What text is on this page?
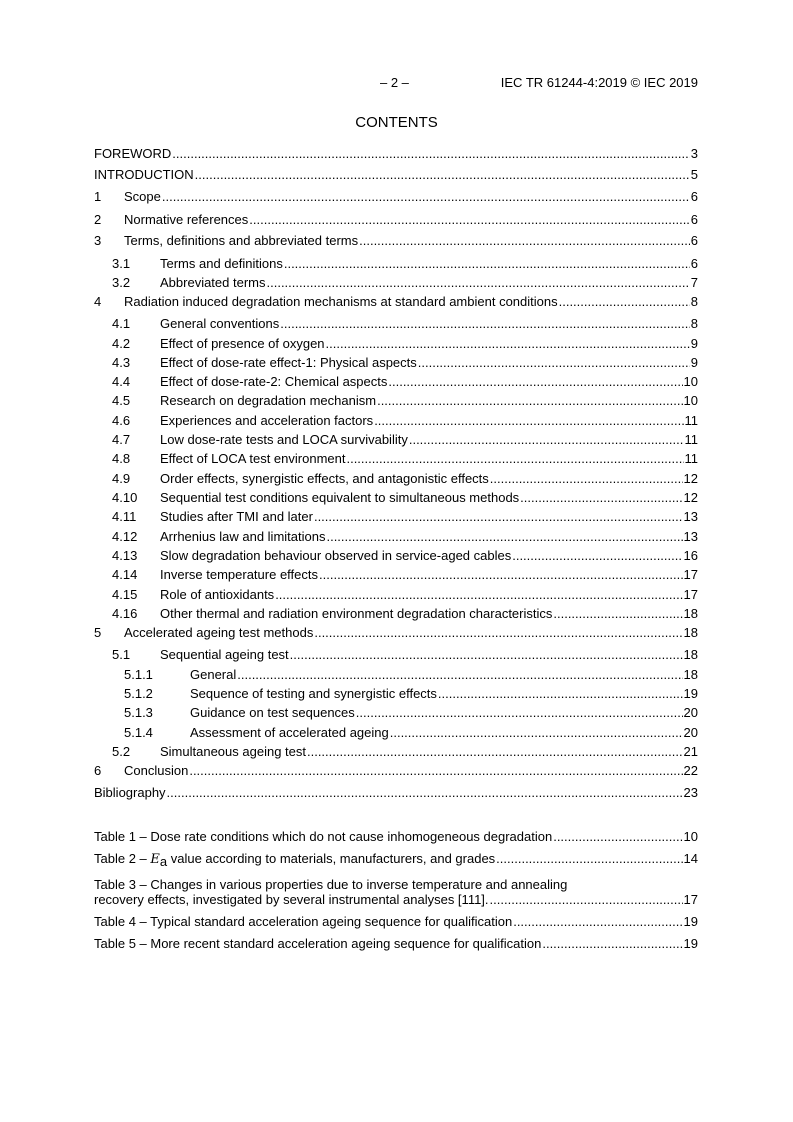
– 2 –	IEC TR 61244-4:2019 © IEC 2019
CONTENTS
FOREWORD .....	3
INTRODUCTION .....	5
1	Scope .....	6
2	Normative references .....	6
3	Terms, definitions and abbreviated terms .....	6
3.1	Terms and definitions .....	6
3.2	Abbreviated terms .....	7
4	Radiation induced degradation mechanisms at standard ambient conditions .....	8
4.1	General conventions .....	8
4.2	Effect of presence of oxygen .....	9
4.3	Effect of dose-rate effect-1: Physical aspects .....	9
4.4	Effect of dose-rate-2: Chemical aspects .....	10
4.5	Research on degradation mechanism .....	10
4.6	Experiences and acceleration factors .....	11
4.7	Low dose-rate tests and LOCA survivability .....	11
4.8	Effect of LOCA test environment .....	11
4.9	Order effects, synergistic effects, and antagonistic effects .....	12
4.10	Sequential test conditions equivalent to simultaneous methods .....	12
4.11	Studies after TMI and later .....	13
4.12	Arrhenius law and limitations .....	13
4.13	Slow degradation behaviour observed in service-aged cables .....	16
4.14	Inverse temperature effects .....	17
4.15	Role of antioxidants .....	17
4.16	Other thermal and radiation environment degradation characteristics .....	18
5	Accelerated ageing test methods .....	18
5.1	Sequential ageing test .....	18
5.1.1	General .....	18
5.1.2	Sequence of testing and synergistic effects .....	19
5.1.3	Guidance on test sequences .....	20
5.1.4	Assessment of accelerated ageing .....	20
5.2	Simultaneous ageing test .....	21
6	Conclusion .....	22
Bibliography .....	23
Table 1 – Dose rate conditions which do not cause inhomogeneous degradation .....	10
Table $2 - E_a$ value according to materials, manufacturers, and grades .....	14
Table 3 – Changes in various properties due to inverse temperature and annealing
recovery effects, investigated by several instrumental analyses [111]. .....	17
Table 4 – Typical standard acceleration ageing sequence for qualification .....	19
Table 5 – More recent standard acceleration ageing sequence for qualification .....	19
